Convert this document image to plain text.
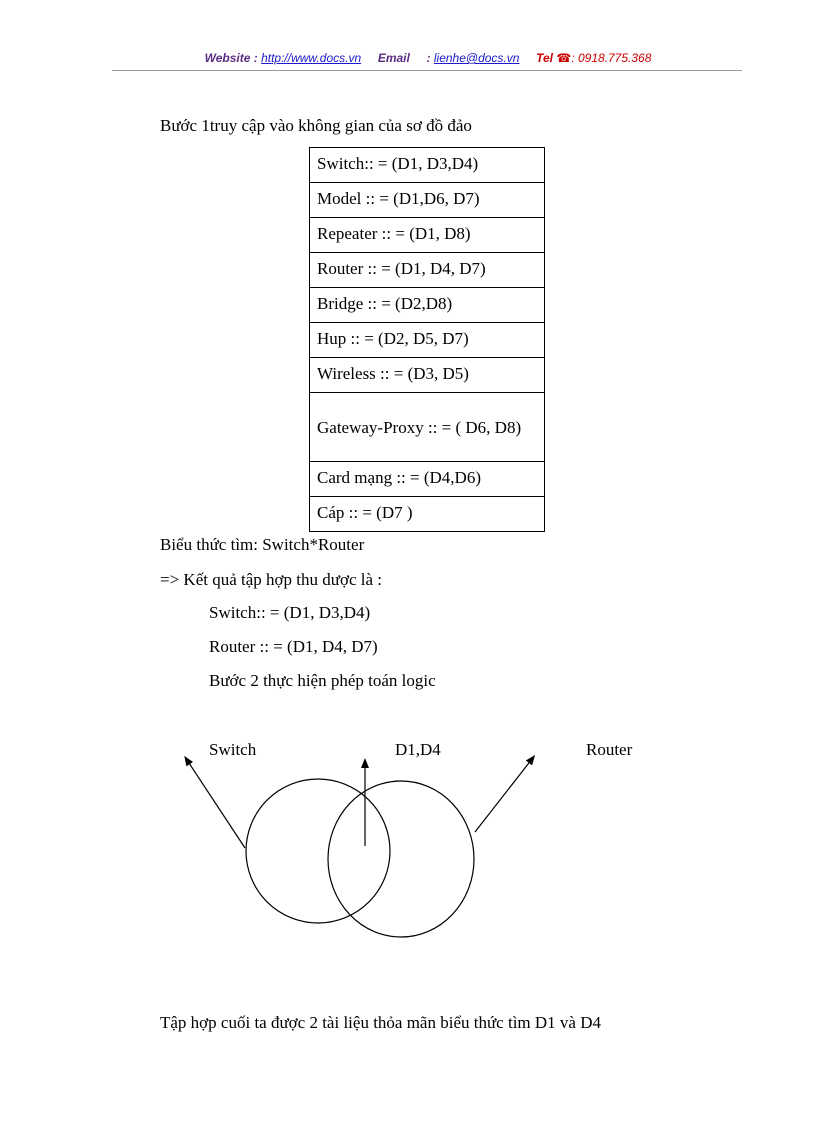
Website : http://www.docs.vn Email : lienhe@docs.vn Tel ☎: 0918.775.368
Bước 1truy cập vào không gian của sơ đồ đảo
Switch:: = (D1, D3,D4)
Model :: = (D1,D6, D7)
Repeater :: = (D1, D8)
Router :: = (D1, D4, D7)
Bridge :: = (D2,D8)
Hup :: = (D2, D5, D7)
Wireless :: = (D3, D5)
Gateway-Proxy :: = ( D6, D8)
Card mạng :: = (D4,D6)
Cáp :: = (D7 )
Biểu thức tìm: Switch*Router
=> Kết quả tập hợp thu dược là :
Switch:: = (D1, D3,D4)
Router :: = (D1, D4, D7)
Bước 2 thực hiện phép toán logic
Switch	D1,D4	Router
Tập hợp cuối ta được 2 tài liệu thỏa mãn biểu thức tìm D1 và D4
